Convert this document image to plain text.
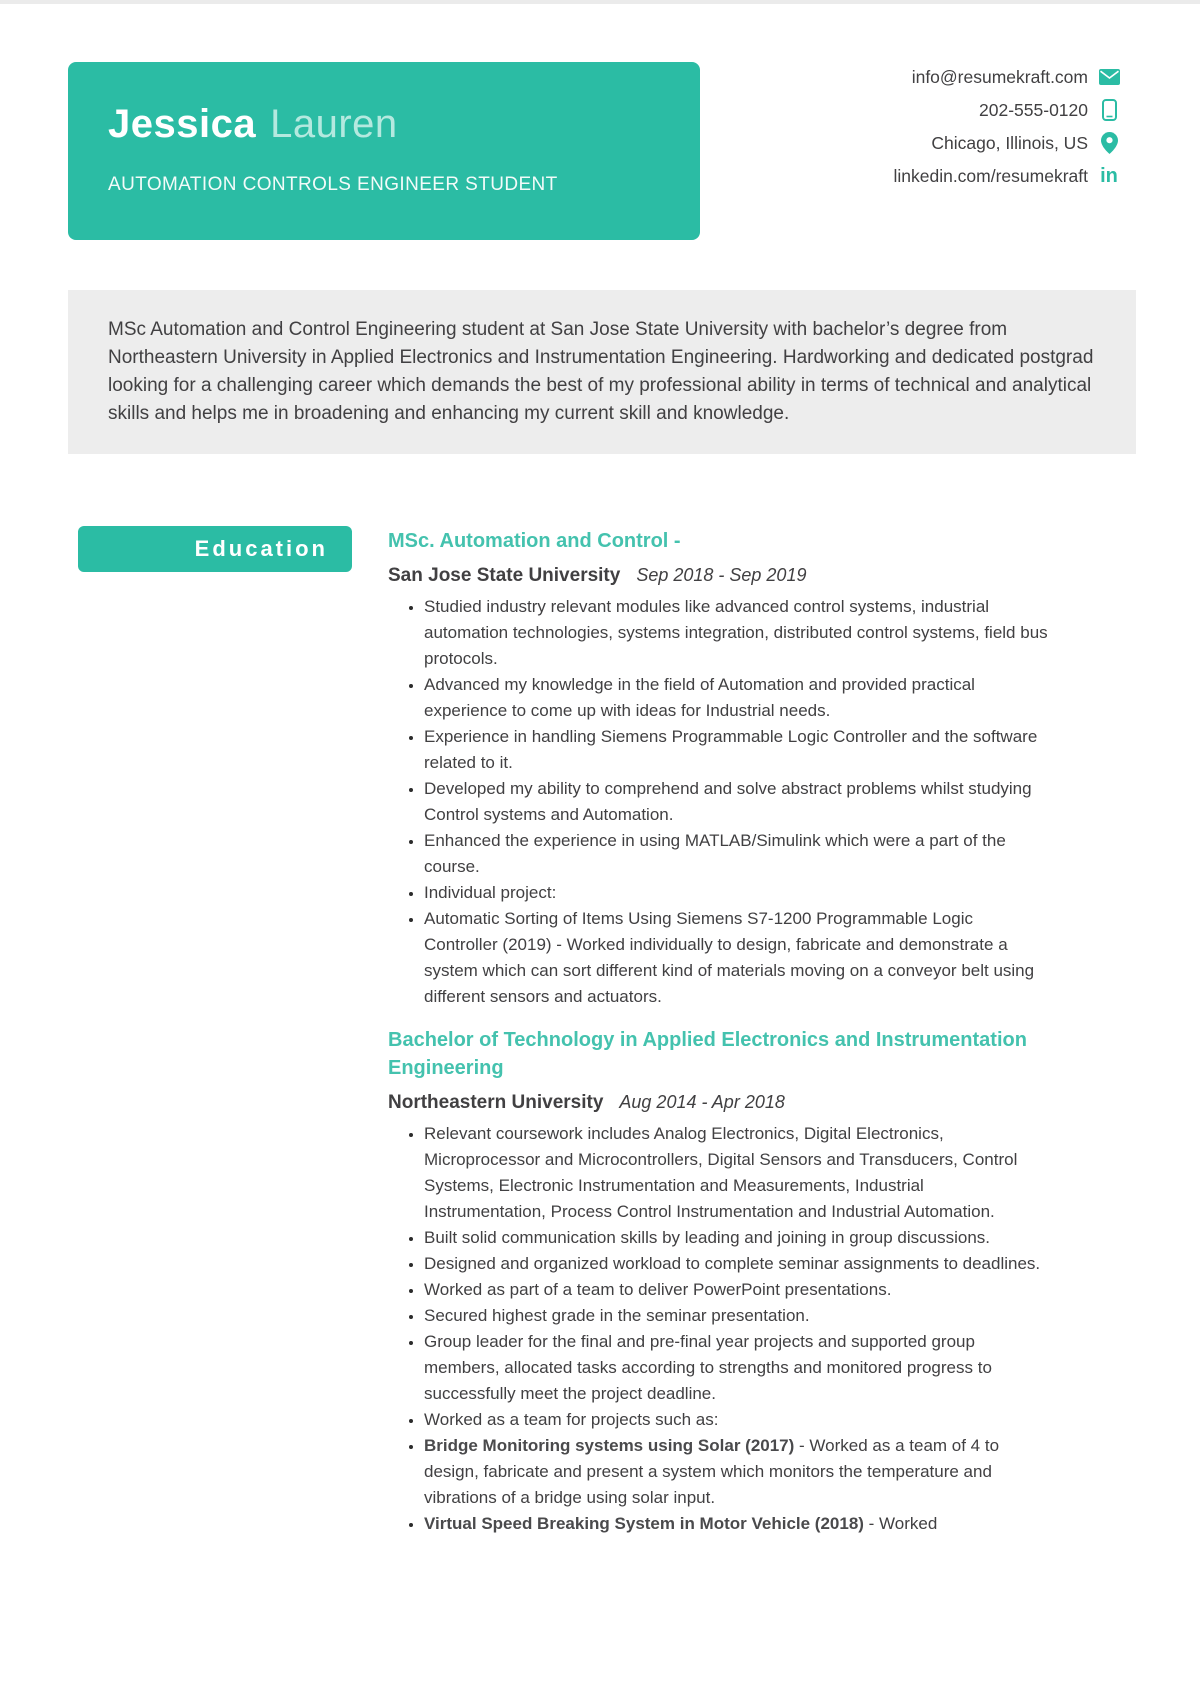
Jessica Lauren
AUTOMATION CONTROLS ENGINEER STUDENT
info@resumekraft.com
202-555-0120
Chicago, Illinois, US
linkedin.com/resumekraft in
MSc Automation and Control Engineering student at San Jose State University with bachelor’s degree from Northeastern University in Applied Electronics and Instrumentation Engineering. Hardworking and dedicated postgrad looking for a challenging career which demands the best of my professional ability in terms of technical and analytical skills and helps me in broadening and enhancing my current skill and knowledge.
Education	MSc. Automation and Control -
San Jose State University Sep 2018 - Sep 2019
• Studied industry relevant modules like advanced control systems, industrial automation technologies, systems integration, distributed control systems, field bus protocols.
• Advanced my knowledge in the field of Automation and provided practical experience to come up with ideas for Industrial needs.
• Experience in handling Siemens Programmable Logic Controller and the software related to it.
• Developed my ability to comprehend and solve abstract problems whilst studying Control systems and Automation.
• Enhanced the experience in using MATLAB/Simulink which were a part of the course.
• Individual project:
• Automatic Sorting of Items Using Siemens S7-1200 Programmable Logic Controller (2019) - Worked individually to design, fabricate and demonstrate a system which can sort different kind of materials moving on a conveyor belt using different sensors and actuators.
Bachelor of Technology in Applied Electronics and Instrumentation Engineering
Northeastern University Aug 2014 - Apr 2018
• Relevant coursework includes Analog Electronics, Digital Electronics, Microprocessor and Microcontrollers, Digital Sensors and Transducers, Control Systems, Electronic Instrumentation and Measurements, Industrial Instrumentation, Process Control Instrumentation and Industrial Automation.
• Built solid communication skills by leading and joining in group discussions.
• Designed and organized workload to complete seminar assignments to deadlines.
• Worked as part of a team to deliver PowerPoint presentations.
• Secured highest grade in the seminar presentation.
• Group leader for the final and pre-final year projects and supported group members, allocated tasks according to strengths and monitored progress to successfully meet the project deadline.
• Worked as a team for projects such as:
• Bridge Monitoring systems using Solar (2017) - Worked as a team of 4 to design, fabricate and present a system which monitors the temperature and vibrations of a bridge using solar input.
• Virtual Speed Breaking System in Motor Vehicle (2018) - Worked
